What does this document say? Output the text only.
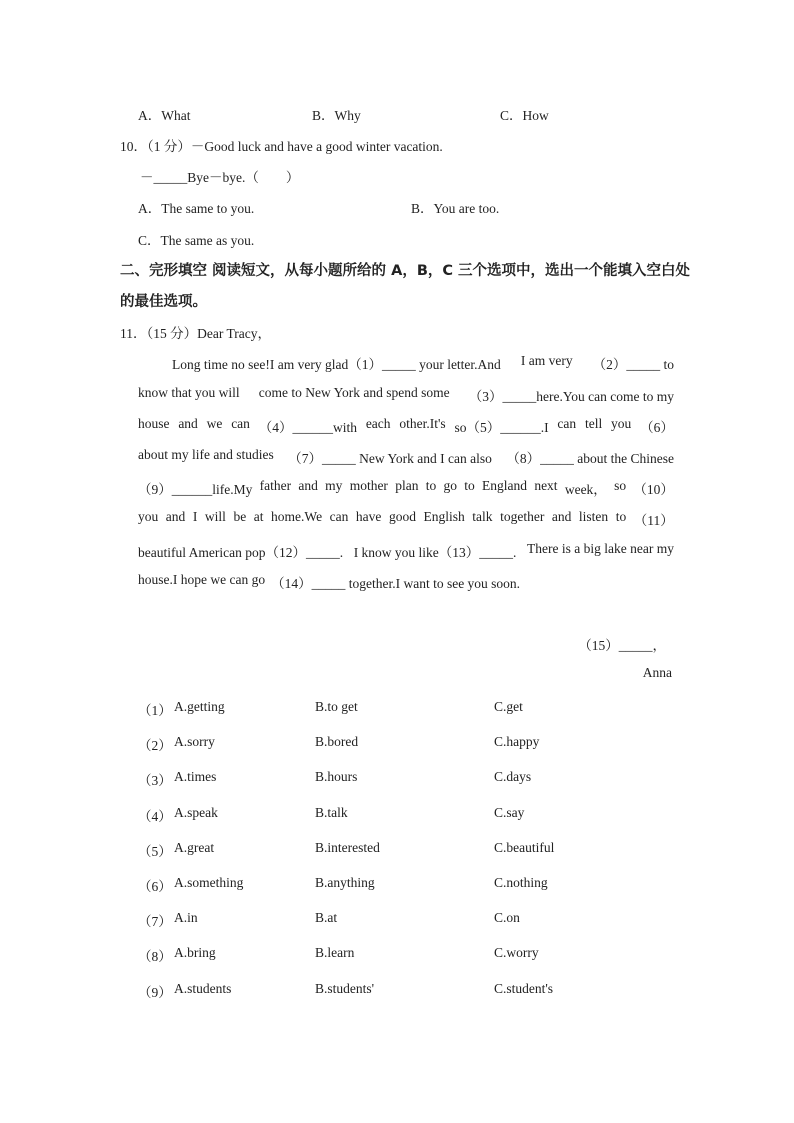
A．What	B．Why	C．How
10．（1 分）－Good luck and have a good winter vacation.
－_____Bye－bye.（　　）
A．The same to you.	B．You are too.
C．The same as you.
二、完形填空 阅读短文，从每小题所给的 A，B，C 三个选项中，选出一个能填入空白处
的最佳选项。
11．（15 分）Dear Tracy，
Long time no see!I am very glad（1）_____ your letter.And I am very （2）_____ to
know that you will come to New York and spend some （3）_____here.You can come to my
house and we can （4）______with each other.It's so（5）______.I can tell you （6）
about my life and studies （7）_____ New York and I can also （8）_____ about the Chinese
（9）______life.My father and my mother plan to go to England next week， so （10）
you and I will be at home.We can have good English talk together and listen to （11）
beautiful American pop（12）_____. I know you like（13）_____. There is a big lake near my
house.I hope we can go （14）_____ together.I want to see you soon.
（15）_____，
Anna
（1） A.getting	B.to get	C.get
（2） A.sorry	B.bored	C.happy
（3） A.times	B.hours	C.days
（4） A.speak	B.talk	C.say
（5） A.great	B.interested	C.beautiful
（6） A.something	B.anything	C.nothing
（7） A.in	B.at	C.on
（8） A.bring	B.learn	C.worry
（9） A.students	B.students'	C.student's
